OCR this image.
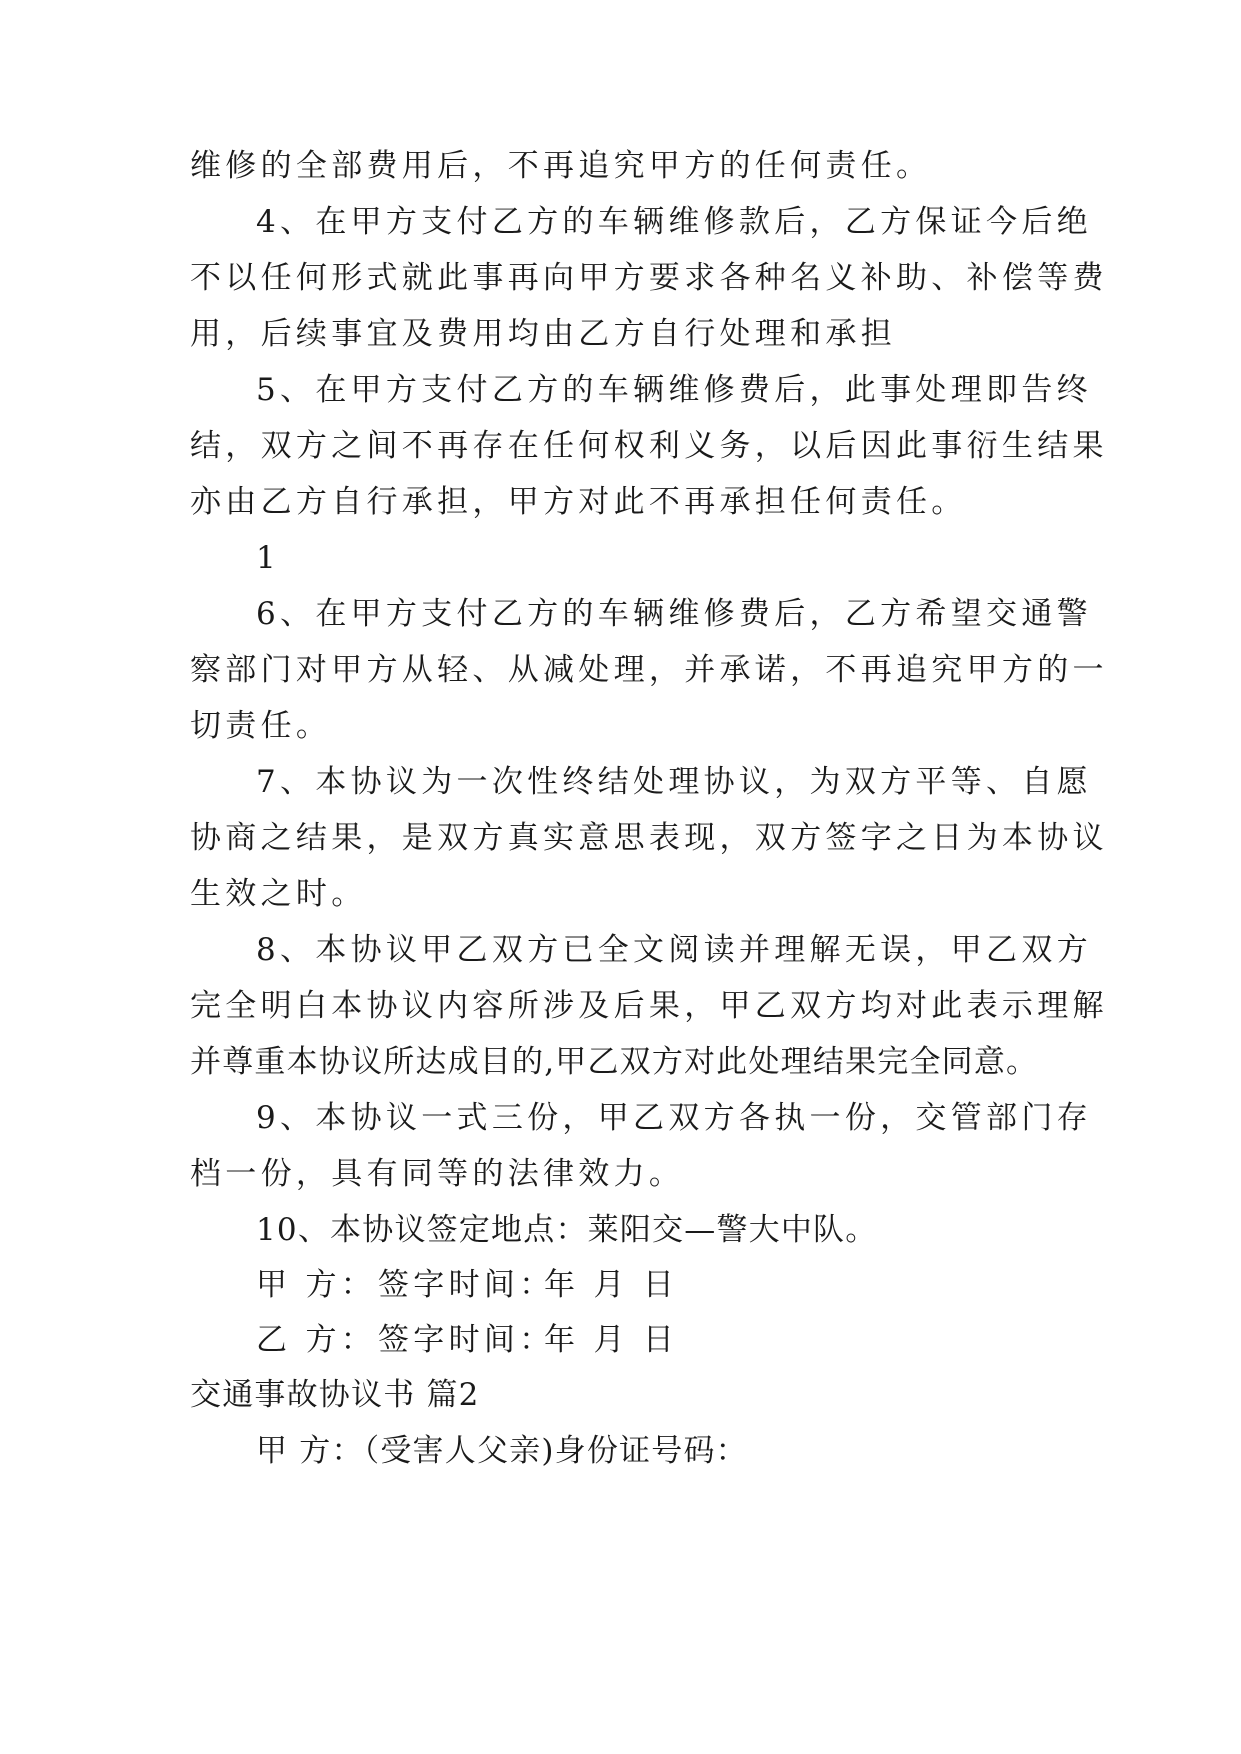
维修的全部费用后，不再追究甲方的任何责任。
4、在甲方支付乙方的车辆维修款后，乙方保证今后绝
不以任何形式就此事再向甲方要求各种名义补助、补偿等费
用，后续事宜及费用均由乙方自行处理和承担
5、在甲方支付乙方的车辆维修费后，此事处理即告终
结，双方之间不再存在任何权利义务，以后因此事衍生结果
亦由乙方自行承担，甲方对此不再承担任何责任。
1
6、在甲方支付乙方的车辆维修费后，乙方希望交通警
察部门对甲方从轻、从减处理，并承诺，不再追究甲方的一
切责任。
7、本协议为一次性终结处理协议，为双方平等、自愿
协商之结果，是双方真实意思表现，双方签字之日为本协议
生效之时。
8、本协议甲乙双方已全文阅读并理解无误，甲乙双方
完全明白本协议内容所涉及后果，甲乙双方均对此表示理解
并尊重本协议所达成目的,甲乙双方对此处理结果完全同意。
9、本协议一式三份，甲乙双方各执一份，交管部门存
档一份，具有同等的法律效力。
10、本协议签定地点：莱阳交—警大中队。
甲 方：签字时间：年 月 日
乙 方：签字时间：年 月 日
交通事故协议书 篇2
甲 方：（受害人父亲)身份证号码：
